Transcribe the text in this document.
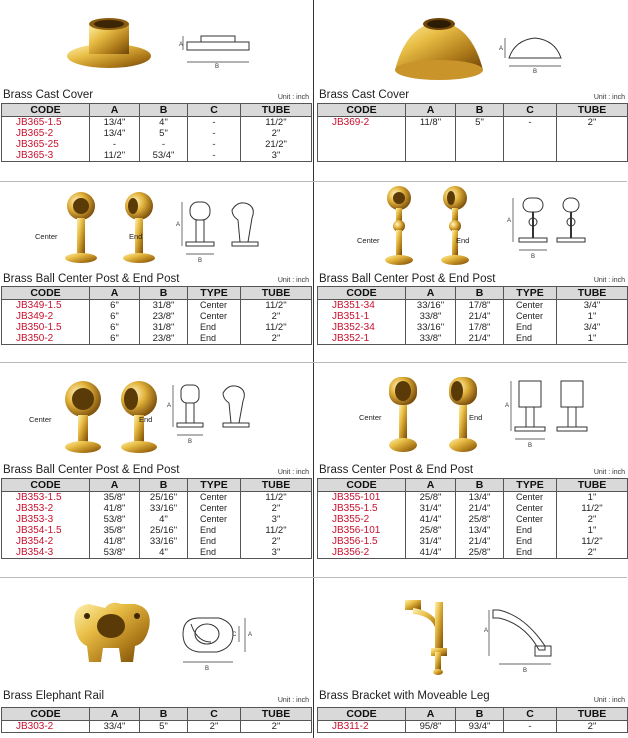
A
B
Brass Cast Cover	Unit : inch
CODE	A	B	C	TUBE
JB365-1.5	13/4"	4"	-	11/2"
JB365-2	13/4"	5"	-	2"
JB365-25	-	-	-	21/2"
JB365-3	11/2"	53/4"	-	3"
A
B
Brass Cast Cover	Unit : inch
CODE	A	B	C	TUBE
JB369-2	11/8"	5"	-	2"

Center	End
A
B
Brass Ball Center Post & End Post	Unit : inch
CODE	A	B	TYPE	TUBE
JB349-1.5	6"	31/8"	Center	11/2"
JB349-2	6"	23/8"	Center	2"
JB350-1.5	6"	31/8"	End	11/2"
JB350-2	6"	23/8"	End	2"
Center	End
A
B
Brass Ball Center Post & End Post	Unit : inch
CODE	A	B	TYPE	TUBE
JB351-34	33/16"	17/8"	Center	3/4"
JB351-1	33/8"	21/4"	Center	1"
JB352-34	33/16"	17/8"	End	3/4"
JB352-1	33/8"	21/4"	End	1"
Center	End
A
B
Brass Ball Center Post & End Post	Unit : inch
CODE	A	B	TYPE	TUBE
JB353-1.5	35/8"	25/16"	Center	11/2"
JB353-2	41/8"	33/16"	Center	2"
JB353-3	53/8"	4"	Center	3"
JB354-1.5	35/8"	25/16"	End	11/2"
JB354-2	41/8"	33/16"	End	2"
JB354-3	53/8"	4"	End	3"
Center	End
A
B
Brass Center Post & End Post	Unit : inch
CODE	A	B	TYPE	TUBE
JB355-101	25/8"	13/4"	Center	1"
JB355-1.5	31/4"	21/4"	Center	11/2"
JB355-2	41/4"	25/8"	Center	2"
JB356-101	25/8"	13/4"	End	1"
JB356-1.5	31/4"	21/4"	End	11/2"
JB356-2	41/4"	25/8"	End	2"
A
B
C
Brass Elephant Rail	Unit : inch
CODE	A	B	C	TUBE
JB303-2	33/4"	5"	2"	2"
A
B
Brass Bracket with Moveable Leg	Unit : inch
CODE	A	B	C	TUBE
JB311-2	95/8"	93/4"	-	2"
